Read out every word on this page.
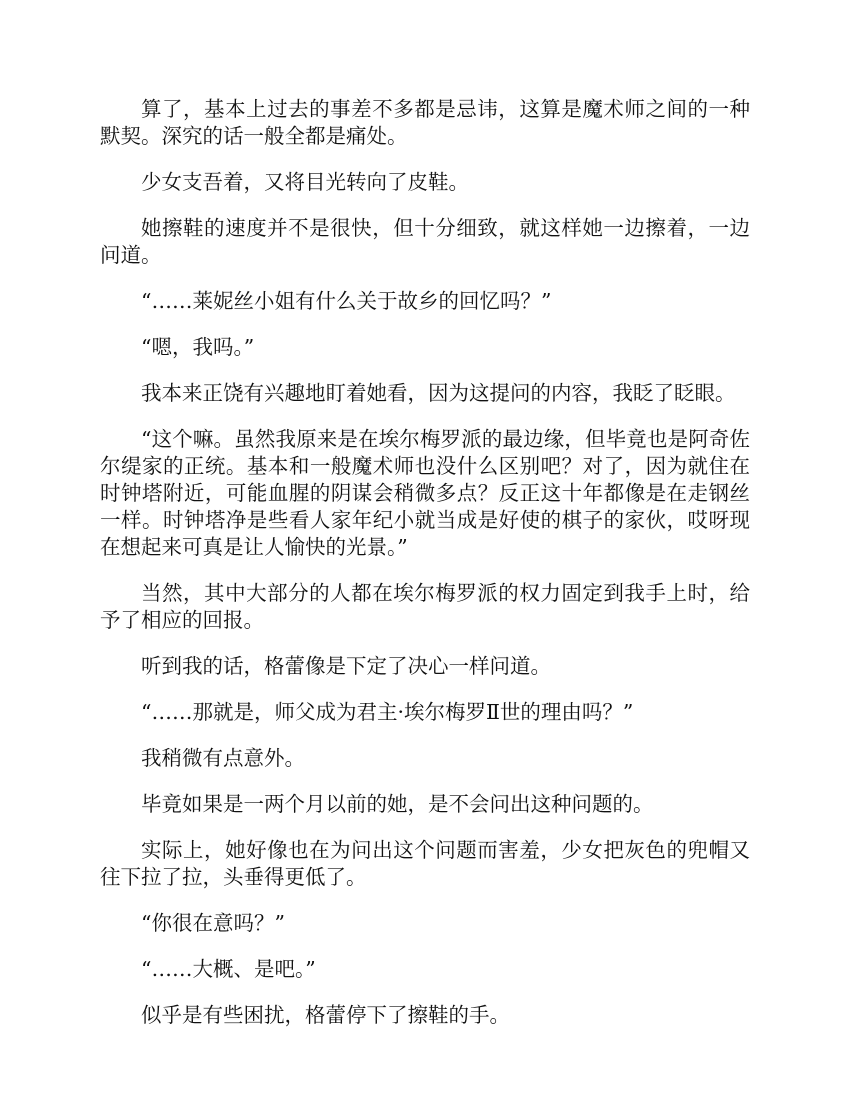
算了，基本上过去的事差不多都是忌讳，这算是魔术师之间的一种默契。深究的话一般全都是痛处。

少女支吾着，又将目光转向了皮鞋。

她擦鞋的速度并不是很快，但十分细致，就这样她一边擦着，一边问道。

“……莱妮丝小姐有什么关于故乡的回忆吗？”

“嗯，我吗。”

我本来正饶有兴趣地盯着她看，因为这提问的内容，我眨了眨眼。

“这个嘛。虽然我原来是在埃尔梅罗派的最边缘，但毕竟也是阿奇佐尔缇家的正统。基本和一般魔术师也没什么区别吧？对了，因为就住在时钟塔附近，可能血腥的阴谋会稍微多点？反正这十年都像是在走钢丝一样。时钟塔净是些看人家年纪小就当成是好使的棋子的家伙，哎呀现在想起来可真是让人愉快的光景。”

当然，其中大部分的人都在埃尔梅罗派的权力固定到我手上时，给予了相应的回报。

听到我的话，格蕾像是下定了决心一样问道。

“……那就是，师父成为君主·埃尔梅罗Ⅱ世的理由吗？”

我稍微有点意外。

毕竟如果是一两个月以前的她，是不会问出这种问题的。

实际上，她好像也在为问出这个问题而害羞，少女把灰色的兜帽又往下拉了拉，头垂得更低了。

“你很在意吗？”

“……大概、是吧。”

似乎是有些困扰，格蕾停下了擦鞋的手。
